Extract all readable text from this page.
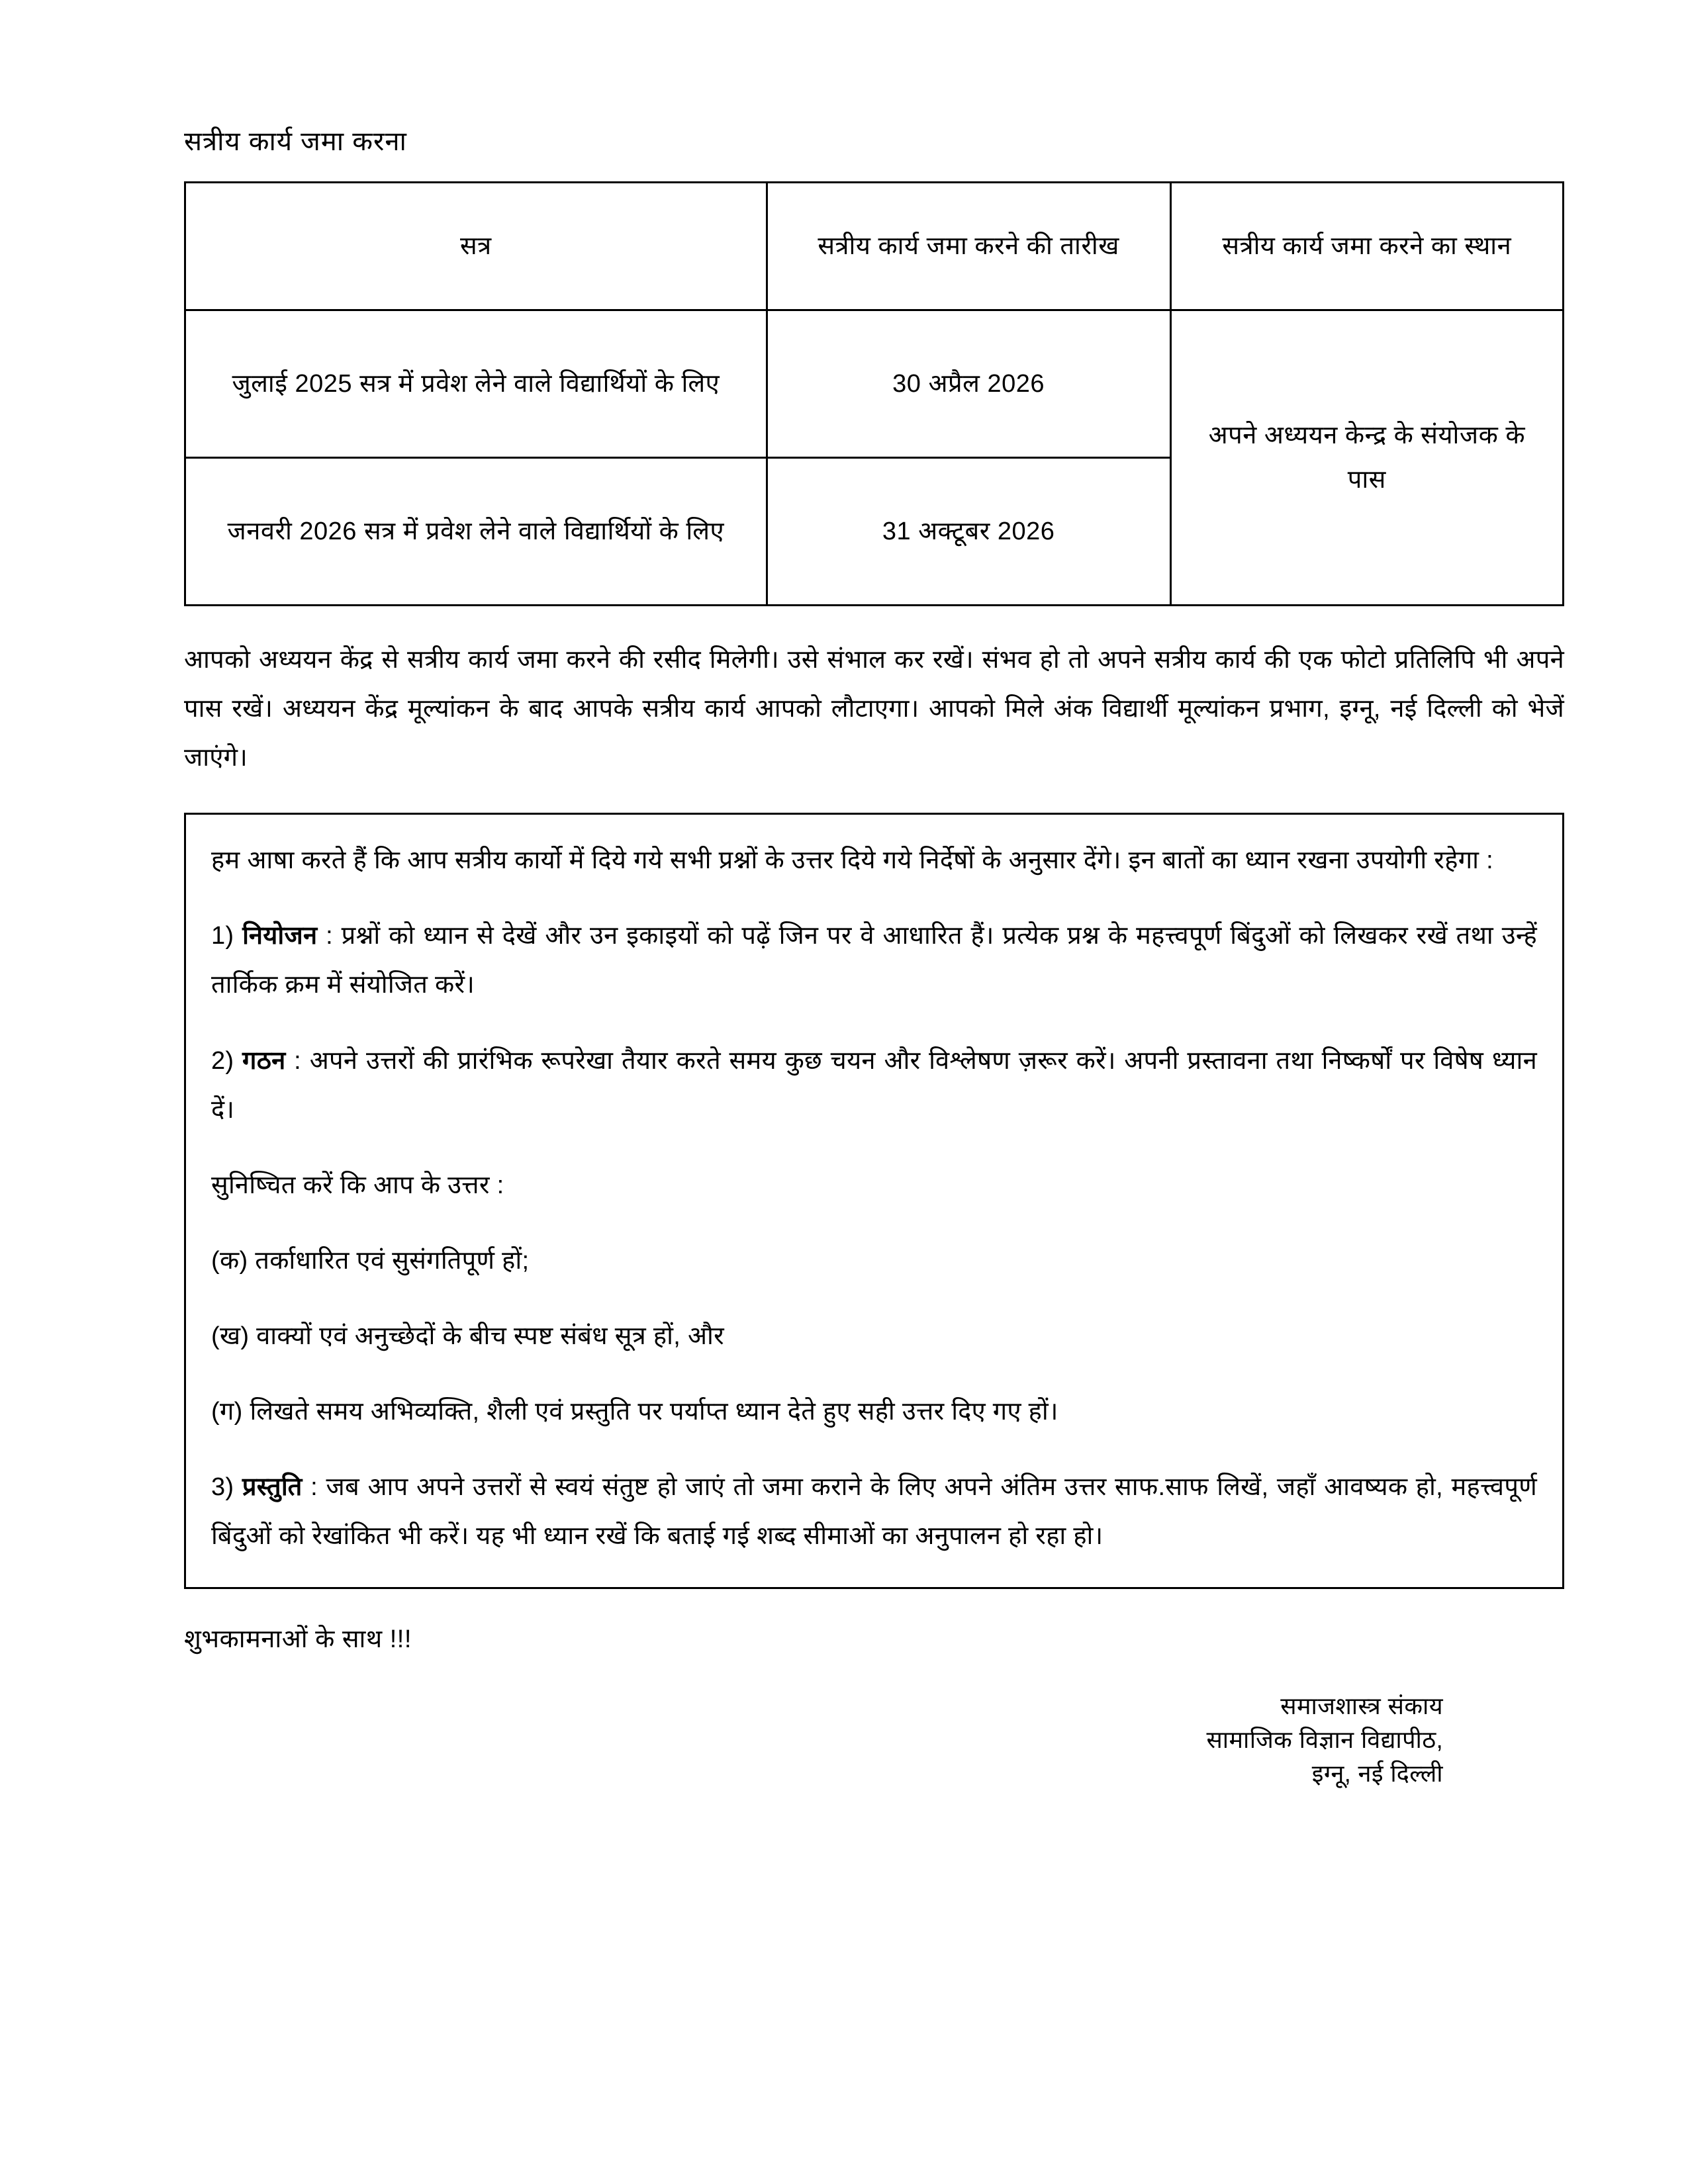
सत्रीय कार्य जमा करना
सत्र	सत्रीय कार्य जमा करने की तारीख	सत्रीय कार्य जमा करने का स्थान
जुलाई 2025 सत्र में प्रवेश लेने वाले विद्यार्थियों के लिए	30 अप्रैल 2026	अपने अध्ययन केन्द्र के संयोजक के पास
जनवरी 2026 सत्र में प्रवेश लेने वाले विद्यार्थियों के लिए	31 अक्टूबर 2026	

आपको अध्ययन केंद्र से सत्रीय कार्य जमा करने की रसीद मिलेगी। उसे संभाल कर रखें। संभव हो तो अपने सत्रीय कार्य की एक फोटो प्रतिलिपि भी अपने पास रखें। अध्ययन केंद्र मूल्यांकन के बाद आपके सत्रीय कार्य आपको लौटाएगा। आपको मिले अंक विद्यार्थी मूल्यांकन प्रभाग, इग्नू, नई दिल्ली को भेजें जाएंगे।

हम आषा करते हैं कि आप सत्रीय कार्यो में दिये गये सभी प्रश्नों के उत्तर दिये गये निर्देषों के अनुसार देंगे। इन बातों का ध्यान रखना उपयोगी रहेगा :

1) नियोजन : प्रश्नों को ध्यान से देखें और उन इकाइयों को पढ़ें जिन पर वे आधारित हैं। प्रत्येक प्रश्न के महत्त्वपूर्ण बिंदुओं को लिखकर रखें तथा उन्हें तार्किक क्रम में संयोजित करें।

2) गठन : अपने उत्तरों की प्रारंभिक रूपरेखा तैयार करते समय कुछ चयन और विश्लेषण ज़रूर करें। अपनी प्रस्तावना तथा निष्कर्षों पर विषेष ध्यान दें।

सुनिष्चित करें कि आप के उत्तर :

(क) तर्काधारित एवं सुसंगतिपूर्ण हों;

(ख) वाक्यों एवं अनुच्छेदों के बीच स्पष्ट संबंध सूत्र हों, और

(ग) लिखते समय अभिव्यक्ति, शैली एवं प्रस्तुति पर पर्याप्त ध्यान देते हुए सही उत्तर दिए गए हों।

3) प्रस्तुति : जब आप अपने उत्तरों से स्वयं संतुष्ट हो जाएं तो जमा कराने के लिए अपने अंतिम उत्तर साफ.साफ लिखें, जहाँ आवष्यक हो, महत्त्वपूर्ण बिंदुओं को रेखांकित भी करें। यह भी ध्यान रखें कि बताई गई शब्द सीमाओं का अनुपालन हो रहा हो।

शुभकामनाओं के साथ !!!

समाजशास्त्र संकाय
सामाजिक विज्ञान विद्यापीठ,
इग्नू, नई दिल्ली
